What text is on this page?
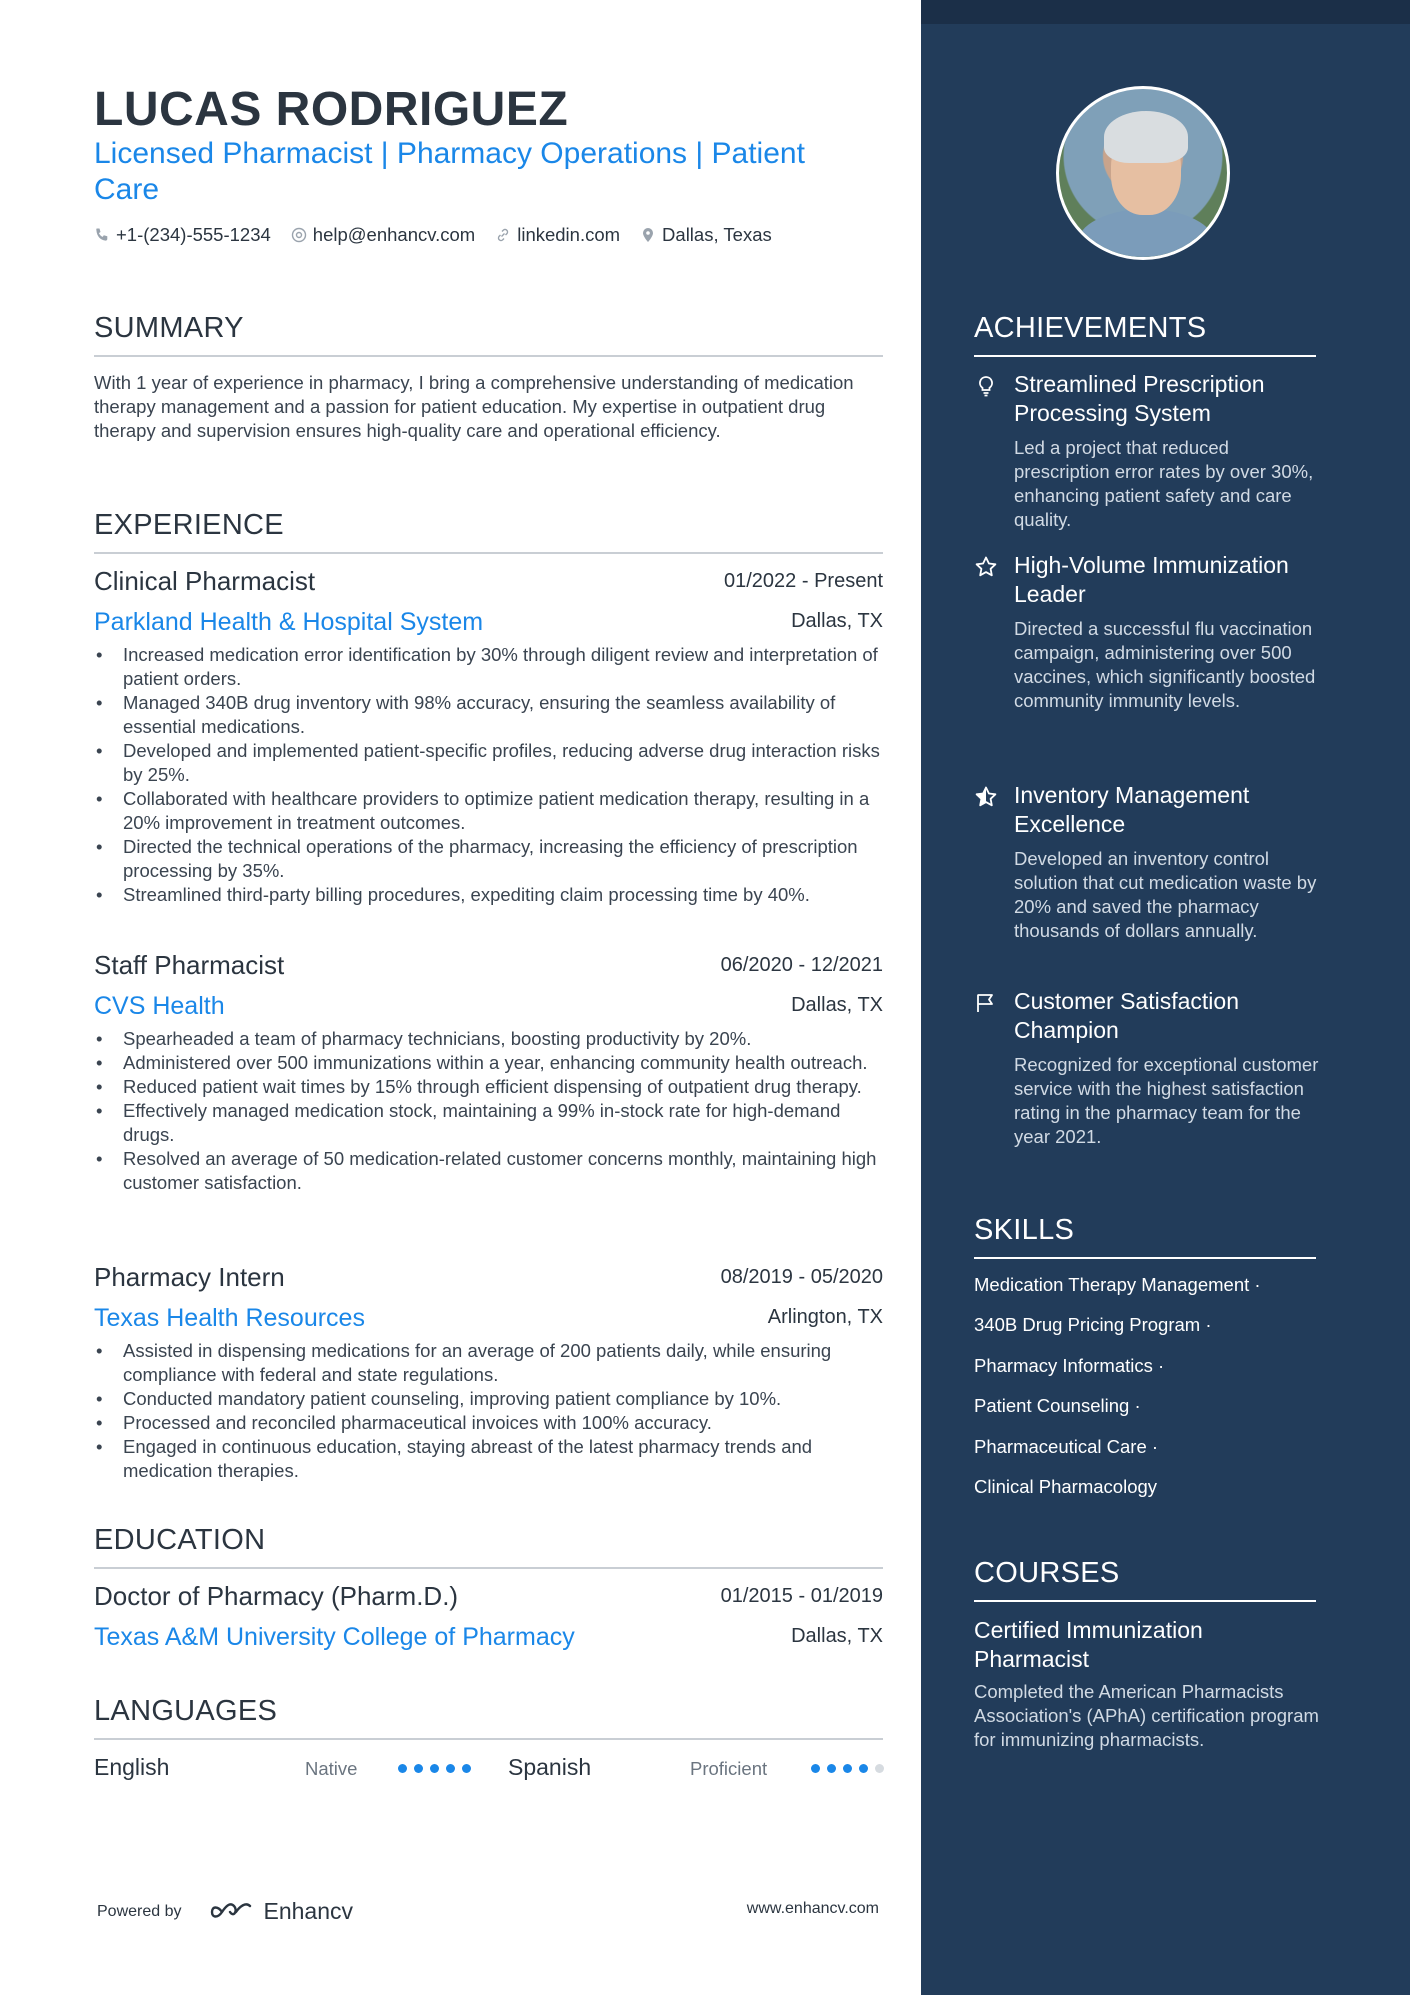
LUCAS RODRIGUEZ
Licensed Pharmacist | Pharmacy Operations | Patient Care
+1-(234)-555-1234 help@enhancv.com linkedin.com Dallas, Texas
SUMMARY
With 1 year of experience in pharmacy, I bring a comprehensive understanding of medication therapy management and a passion for patient education. My expertise in outpatient drug therapy and supervision ensures high-quality care and operational efficiency.
EXPERIENCE
Clinical Pharmacist	01/2022 - Present
Parkland Health & Hospital System	Dallas, TX
• Increased medication error identification by 30% through diligent review and interpretation of patient orders.
• Managed 340B drug inventory with 98% accuracy, ensuring the seamless availability of essential medications.
• Developed and implemented patient-specific profiles, reducing adverse drug interaction risks by 25%.
• Collaborated with healthcare providers to optimize patient medication therapy, resulting in a 20% improvement in treatment outcomes.
• Directed the technical operations of the pharmacy, increasing the efficiency of prescription processing by 35%.
• Streamlined third-party billing procedures, expediting claim processing time by 40%.
Staff Pharmacist	06/2020 - 12/2021
CVS Health	Dallas, TX
• Spearheaded a team of pharmacy technicians, boosting productivity by 20%.
• Administered over 500 immunizations within a year, enhancing community health outreach.
• Reduced patient wait times by 15% through efficient dispensing of outpatient drug therapy.
• Effectively managed medication stock, maintaining a 99% in-stock rate for high-demand drugs.
• Resolved an average of 50 medication-related customer concerns monthly, maintaining high customer satisfaction.
Pharmacy Intern	08/2019 - 05/2020
Texas Health Resources	Arlington, TX
• Assisted in dispensing medications for an average of 200 patients daily, while ensuring compliance with federal and state regulations.
• Conducted mandatory patient counseling, improving patient compliance by 10%.
• Processed and reconciled pharmaceutical invoices with 100% accuracy.
• Engaged in continuous education, staying abreast of the latest pharmacy trends and medication therapies.
EDUCATION
Doctor of Pharmacy (Pharm.D.)	01/2015 - 01/2019
Texas A&M University College of Pharmacy	Dallas, TX
LANGUAGES
English	Native	Spanish	Proficient
Powered by	Enhancv	www.enhancv.com
ACHIEVEMENTS
Streamlined Prescription Processing System
Led a project that reduced prescription error rates by over 30%, enhancing patient safety and care quality.
High-Volume Immunization Leader
Directed a successful flu vaccination campaign, administering over 500 vaccines, which significantly boosted community immunity levels.
Inventory Management Excellence
Developed an inventory control solution that cut medication waste by 20% and saved the pharmacy thousands of dollars annually.
Customer Satisfaction Champion
Recognized for exceptional customer service with the highest satisfaction rating in the pharmacy team for the year 2021.
SKILLS
Medication Therapy Management ·
340B Drug Pricing Program ·
Pharmacy Informatics ·
Patient Counseling ·
Pharmaceutical Care ·
Clinical Pharmacology
COURSES
Certified Immunization Pharmacist
Completed the American Pharmacists Association's (APhA) certification program for immunizing pharmacists.
